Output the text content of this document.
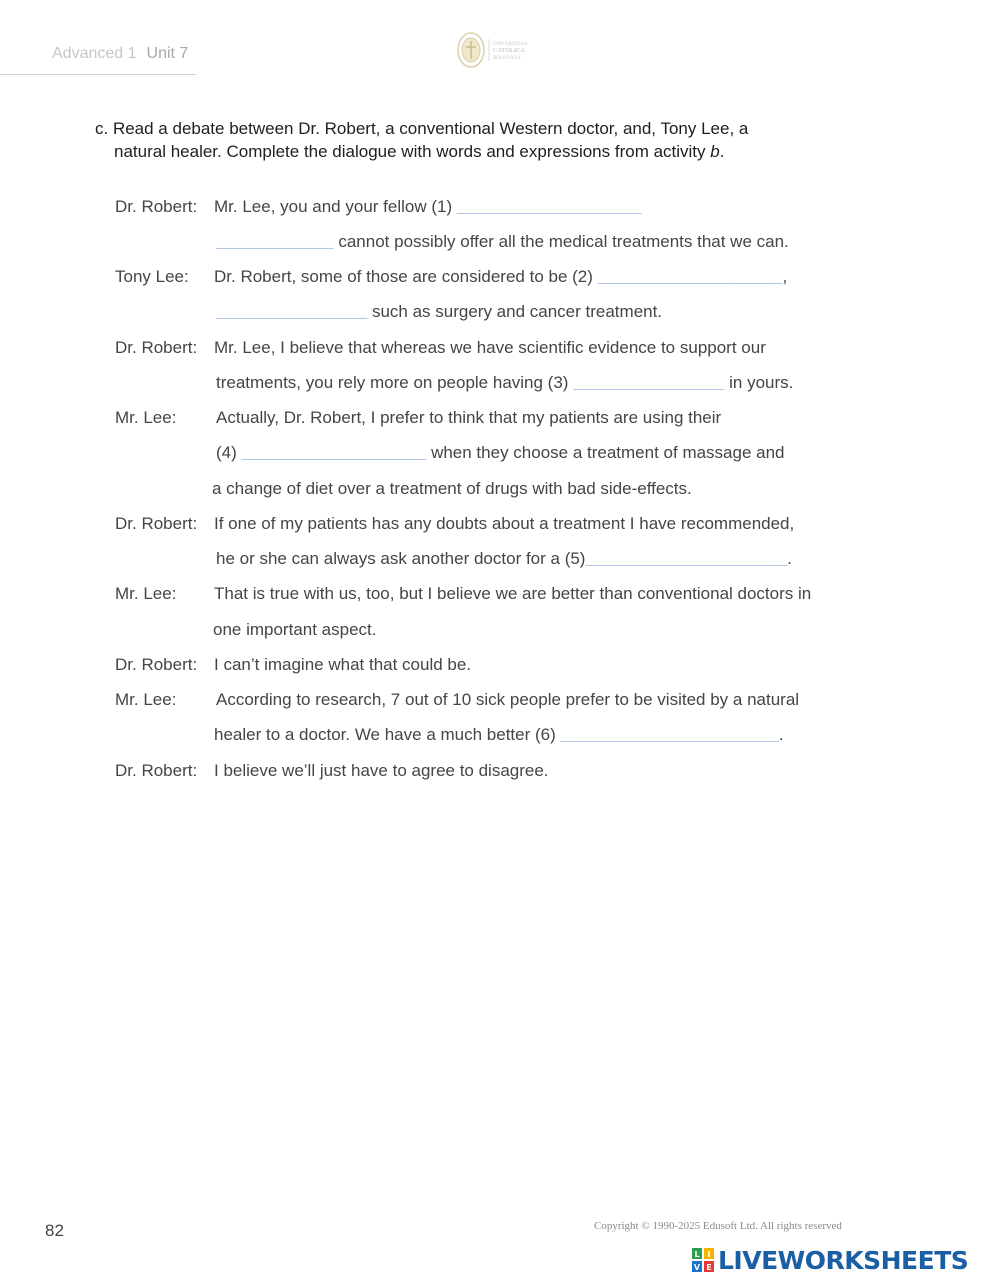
Advanced 1 Unit 7
UNIVERSIDAD
CATÓLICA
BOLIVIANA
c. Read a debate between Dr. Robert, a conventional Western doctor, and, Tony Lee, a
natural healer. Complete the dialogue with words and expressions from activity b.
Dr. Robert: Mr. Lee, you and your fellow (1) ______________________
______________ cannot possibly offer all the medical treatments that we can.
Tony Lee: Dr. Robert, some of those are considered to be (2) ______________________,
__________________ such as surgery and cancer treatment.
Dr. Robert: Mr. Lee, I believe that whereas we have scientific evidence to support our
treatments, you rely more on people having (3) __________________ in yours.
Mr. Lee: Actually, Dr. Robert, I prefer to think that my patients are using their
(4) ______________________ when they choose a treatment of massage and
a change of diet over a treatment of drugs with bad side-effects.
Dr. Robert: If one of my patients has any doubts about a treatment I have recommended,
he or she can always ask another doctor for a (5)________________________.
Mr. Lee: That is true with us, too, but I believe we are better than conventional doctors in
one important aspect.
Dr. Robert: I can’t imagine what that could be.
Mr. Lee: According to research, 7 out of 10 sick people prefer to be visited by a natural
healer to a doctor. We have a much better (6) __________________________.
Dr. Robert: I believe we’ll just have to agree to disagree.
82	Copyright © 1990-2025 Edusoft Ltd. All rights reserved
L I
V E LIVEWORKSHEETS
